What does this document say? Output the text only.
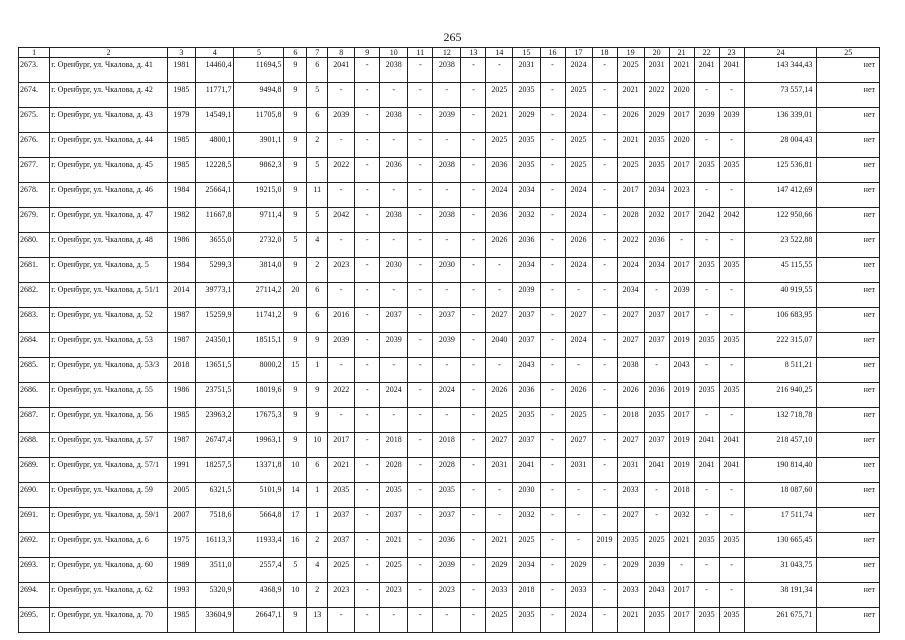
265
1	2	3	4	5	6	7	8	9	10	11	12	13	14	15	16	17	18	19	20	21	22	23	24	25
2673.	г. Оренбург, ул. Чкалова, д. 41	1981	14460,4	11694,5	9	6	2041	-	2038	-	2038	-	-	2031	-	2024	-	2025	2031	2021	2041	2041	143 344,43	нет
2674.	г. Оренбург, ул. Чкалова, д. 42	1985	11771,7	9494,8	9	5	-	-	-	-	-	-	2025	2035	-	2025	-	2021	2022	2020	-	-	73 557,14	нет
2675.	г. Оренбург, ул. Чкалова, д. 43	1979	14549,1	11705,8	9	6	2039	-	2038	-	2039	-	2021	2029	-	2024	-	2026	2029	2017	2039	2039	136 339,01	нет
2676.	г. Оренбург, ул. Чкалова, д. 44	1985	4800,1	3901,1	9	2	-	-	-	-	-	-	2025	2035	-	2025	-	2021	2035	2020	-	-	28 004,43	нет
2677.	г. Оренбург, ул. Чкалова, д. 45	1985	12228,5	9862,3	9	5	2022	-	2036	-	2038	-	2036	2035	-	2025	-	2025	2035	2017	2035	2035	125 536,81	нет
2678.	г. Оренбург, ул. Чкалова, д. 46	1984	25664,1	19215,0	9	11	-	-	-	-	-	-	2024	2034	-	2024	-	2017	2034	2023	-	-	147 412,69	нет
2679.	г. Оренбург, ул. Чкалова, д. 47	1982	11667,8	9711,4	9	5	2042	-	2038	-	2038	-	2036	2032	-	2024	-	2028	2032	2017	2042	2042	122 950,66	нет
2680.	г. Оренбург, ул. Чкалова, д. 48	1986	3655,0	2732,0	5	4	-	-	-	-	-	-	2026	2036	-	2026	-	2022	2036	-	-	-	23 522,88	нет
2681.	г. Оренбург, ул. Чкалова, д. 5	1984	5299,3	3814,0	9	2	2023	-	2030	-	2030	-	-	2034	-	2024	-	2024	2034	2017	2035	2035	45 115,55	нет
2682.	г. Оренбург, ул. Чкалова, д. 51/1	2014	39773,1	27114,2	20	6	-	-	-	-	-	-	-	2039	-	-	-	2034	-	2039	-	-	40 919,55	нет
2683.	г. Оренбург, ул. Чкалова, д. 52	1987	15259,9	11741,2	9	6	2016	-	2037	-	2037	-	2027	2037	-	2027	-	2027	2037	2017	-	-	106 683,95	нет
2684.	г. Оренбург, ул. Чкалова, д. 53	1987	24350,1	18515,1	9	9	2039	-	2039	-	2039	-	2040	2037	-	2024	-	2027	2037	2019	2035	2035	222 315,07	нет
2685.	г. Оренбург, ул. Чкалова, д. 53/3	2018	13651,5	8000,2	15	1	-	-	-	-	-	-	-	2043	-	-	-	2038	-	2043	-	-	8 511,21	нет
2686.	г. Оренбург, ул. Чкалова, д. 55	1986	23751,5	18019,6	9	9	2022	-	2024	-	2024	-	2026	2036	-	2026	-	2026	2036	2019	2035	2035	216 940,25	нет
2687.	г. Оренбург, ул. Чкалова, д. 56	1985	23963,2	17675,3	9	9	-	-	-	-	-	-	2025	2035	-	2025	-	2018	2035	2017	-	-	132 718,78	нет
2688.	г. Оренбург, ул. Чкалова, д. 57	1987	26747,4	19963,1	9	10	2017	-	2018	-	2018	-	2027	2037	-	2027	-	2027	2037	2019	2041	2041	218 457,10	нет
2689.	г. Оренбург, ул. Чкалова, д. 57/1	1991	18257,5	13371,8	10	6	2021	-	2028	-	2028	-	2031	2041	-	2031	-	2031	2041	2019	2041	2041	190 814,40	нет
2690.	г. Оренбург, ул. Чкалова, д. 59	2005	6321,5	5101,9	14	1	2035	-	2035	-	2035	-	-	2030	-	-	-	2033	-	2018	-	-	18 087,60	нет
2691.	г. Оренбург, ул. Чкалова, д. 59/1	2007	7518,6	5664,8	17	1	2037	-	2037	-	2037	-	-	2032	-	-	-	2027	-	2032	-	-	17 511,74	нет
2692.	г. Оренбург, ул. Чкалова, д. 6	1975	16113,3	11933,4	16	2	2037	-	2021	-	2036	-	2021	2025	-	-	2019	2035	2025	2021	2035	2035	130 665,45	нет
2693.	г. Оренбург, ул. Чкалова, д. 60	1989	3511,0	2557,4	5	4	2025	-	2025	-	2039	-	2029	2034	-	2029	-	2029	2039	-	-	-	31 043,75	нет
2694.	г. Оренбург, ул. Чкалова, д. 62	1993	5320,9	4368,9	10	2	2023	-	2023	-	2023	-	2033	2018	-	2033	-	2033	2043	2017	-	-	38 191,34	нет
2695.	г. Оренбург, ул. Чкалова, д. 70	1985	33604,9	26647,1	9	13	-	-	-	-	-	-	2025	2035	-	2024	-	2021	2035	2017	2035	2035	261 675,71	нет
